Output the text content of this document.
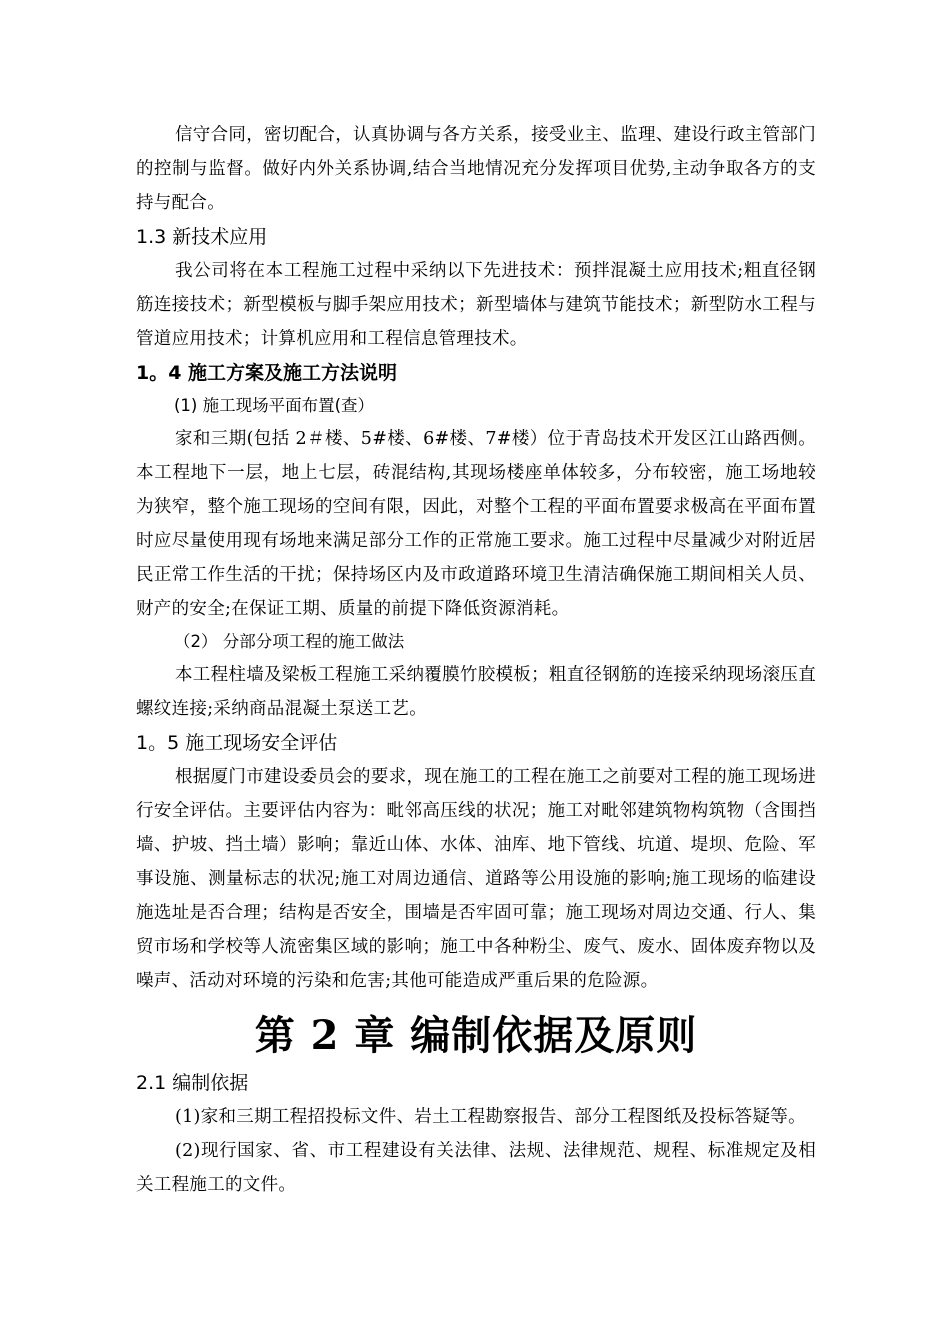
信守合同，密切配合，认真协调与各方关系，接受业主、监理、建设行政主管部门的控制与监督。做好内外关系协调,结合当地情况充分发挥项目优势,主动争取各方的支持与配合。

1.3 新技术应用

我公司将在本工程施工过程中采纳以下先进技术：预拌混凝土应用技术;粗直径钢筋连接技术；新型模板与脚手架应用技术；新型墙体与建筑节能技术；新型防水工程与管道应用技术；计算机应用和工程信息管理技术。

1。4 施工方案及施工方法说明
(1) 施工现场平面布置(查）

家和三期(包括 2＃楼、5#楼、6#楼、7#楼）位于青岛技术开发区江山路西侧。本工程地下一层，地上七层，砖混结构,其现场楼座单体较多，分布较密，施工场地较为狭窄，整个施工现场的空间有限，因此，对整个工程的平面布置要求极高在平面布置时应尽量使用现有场地来满足部分工作的正常施工要求。施工过程中尽量减少对附近居民正常工作生活的干扰；保持场区内及市政道路环境卫生清洁确保施工期间相关人员、财产的安全;在保证工期、质量的前提下降低资源消耗。

（2） 分部分项工程的施工做法

本工程柱墙及梁板工程施工采纳覆膜竹胶模板；粗直径钢筋的连接采纳现场滚压直螺纹连接;采纳商品混凝土泵送工艺。

1。5 施工现场安全评估

根据厦门市建设委员会的要求，现在施工的工程在施工之前要对工程的施工现场进行安全评估。主要评估内容为：毗邻高压线的状况；施工对毗邻建筑物构筑物（含围挡墙、护坡、挡土墙）影响；靠近山体、水体、油库、地下管线、坑道、堤坝、危险、军事设施、测量标志的状况;施工对周边通信、道路等公用设施的影响;施工现场的临建设施选址是否合理；结构是否安全，围墙是否牢固可靠；施工现场对周边交通、行人、集贸市场和学校等人流密集区域的影响；施工中各种粉尘、废气、废水、固体废弃物以及噪声、活动对环境的污染和危害;其他可能造成严重后果的危险源。

第 2 章 编制依据及原则
2.1 编制依据

(1)家和三期工程招投标文件、岩土工程勘察报告、部分工程图纸及投标答疑等。

(2)现行国家、省、市工程建设有关法律、法规、法律规范、规程、标准规定及相关工程施工的文件。
